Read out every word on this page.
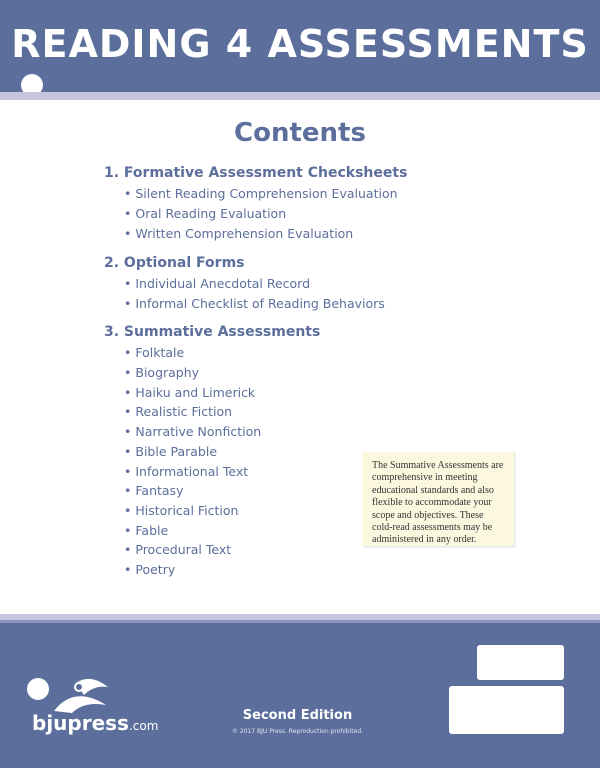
READING 4 ASSESSMENTS
Contents
1. Formative Assessment Checksheets
• Silent Reading Comprehension Evaluation
• Oral Reading Evaluation
• Written Comprehension Evaluation
2. Optional Forms
• Individual Anecdotal Record
• Informal Checklist of Reading Behaviors
3. Summative Assessments
• Folktale
• Biography
• Haiku and Limerick
• Realistic Fiction
• Narrative Nonfiction
• Bible Parable
• Informational Text
• Fantasy
• Historical Fiction
• Fable
• Procedural Text
• Poetry
The Summative Assessments are
comprehensive in meeting
educational standards and also
flexible to accommodate your
scope and objectives. These
cold-read assessments may be
administered in any order.
bjupress.com
Second Edition
© 2017 BJU Press. Reproduction prohibited.
